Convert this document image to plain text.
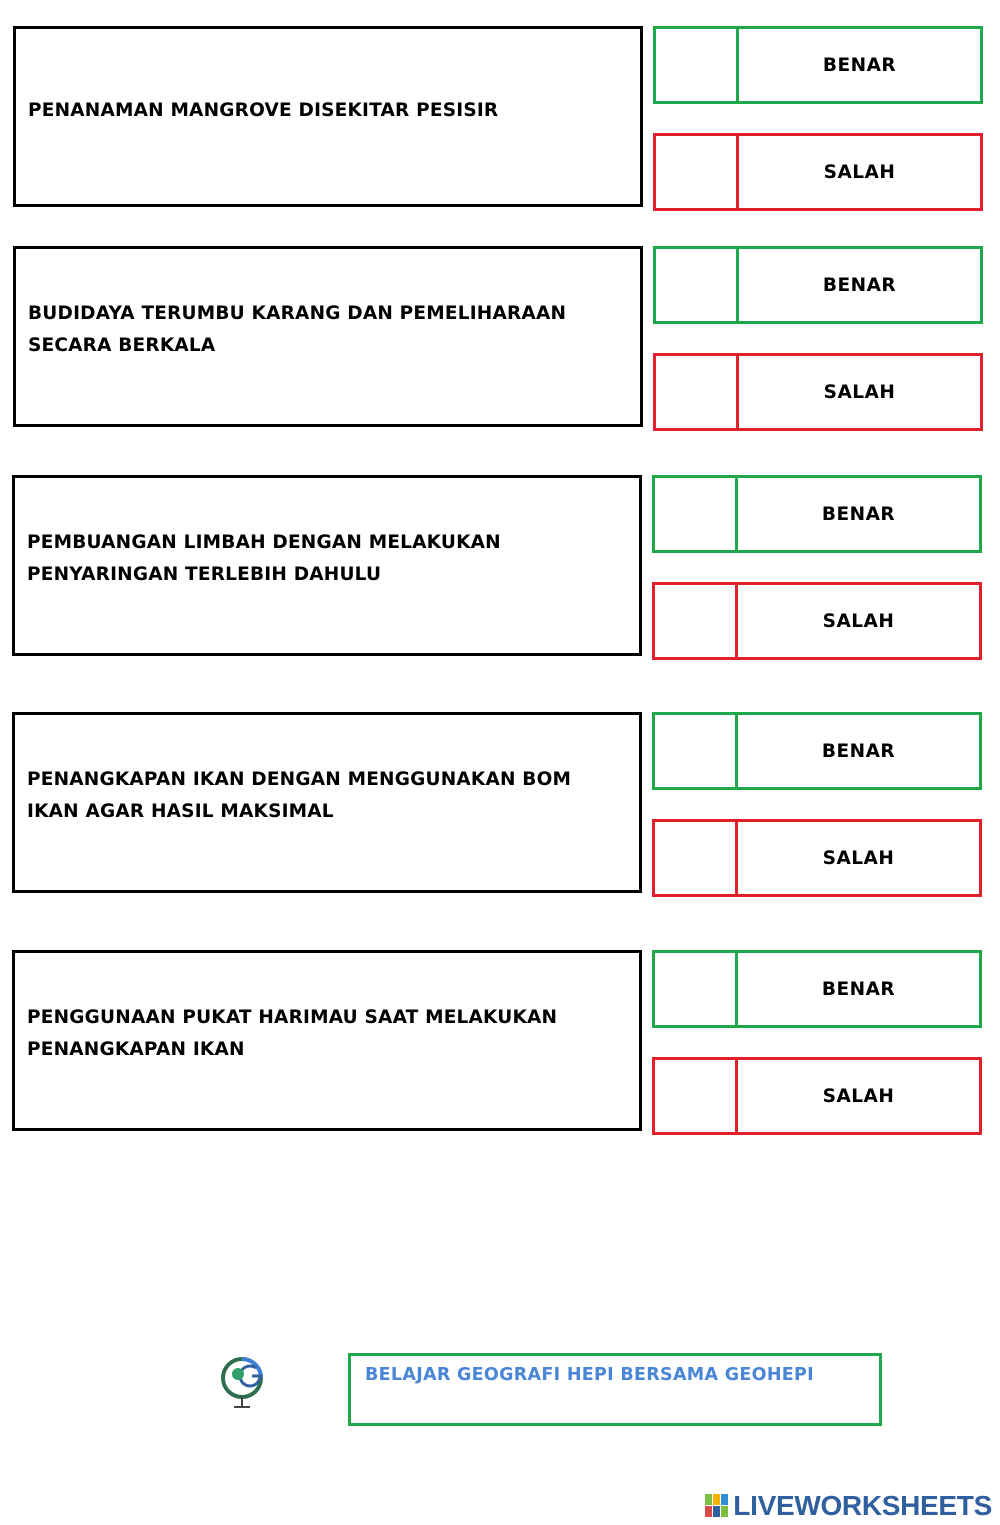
PENANAMAN MANGROVE DISEKITAR PESISIR
BENAR
SALAH
BUDIDAYA TERUMBU KARANG DAN PEMELIHARAAN SECARA BERKALA
BENAR
SALAH
PEMBUANGAN LIMBAH DENGAN MELAKUKAN PENYARINGAN TERLEBIH DAHULU
BENAR
SALAH
PENANGKAPAN IKAN DENGAN MENGGUNAKAN BOM IKAN AGAR HASIL MAKSIMAL
BENAR
SALAH
PENGGUNAAN PUKAT HARIMAU SAAT MELAKUKAN PENANGKAPAN IKAN
BENAR
SALAH
BELAJAR GEOGRAFI HEPI BERSAMA GEOHEPI
LIVEWORKSHEETS
